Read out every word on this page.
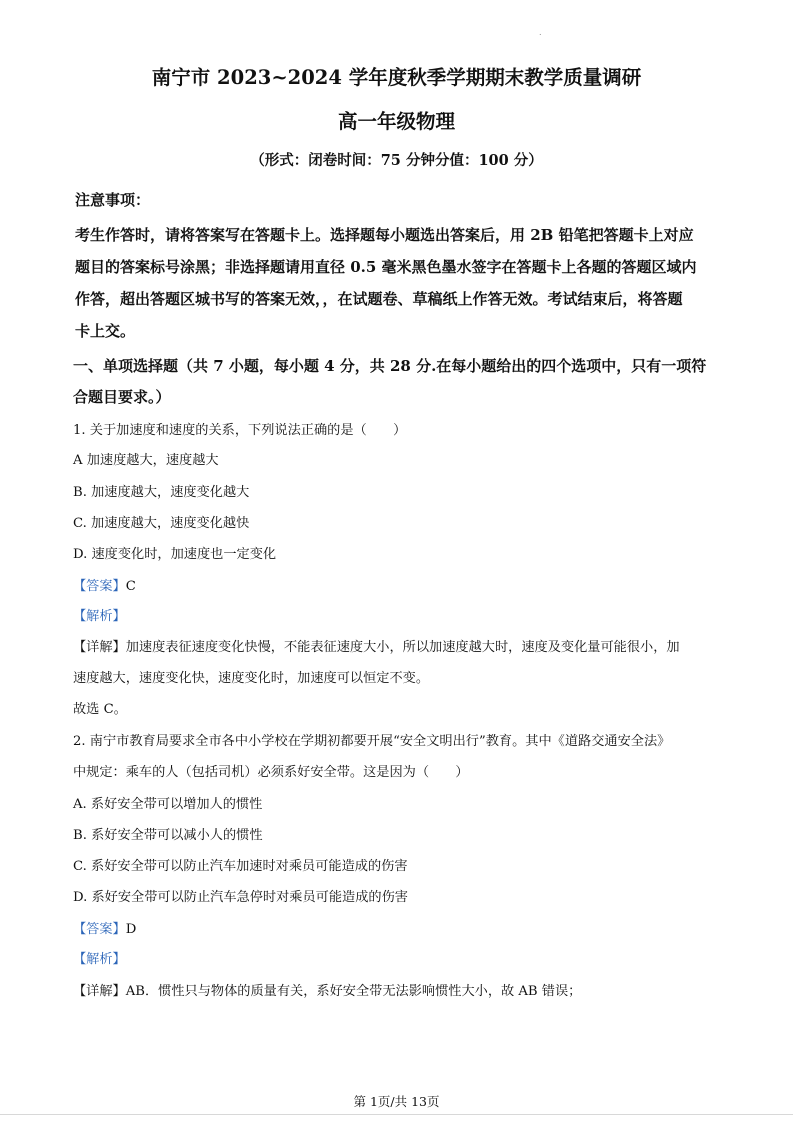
.
南宁市 2023~2024 学年度秋季学期期末教学质量调研
高一年级物理
（形式：闭卷时间：75 分钟分值：100 分）
注意事项：
考生作答时，请将答案写在答题卡上。选择题每小题选出答案后，用 2B 铅笔把答题卡上对应
题目的答案标号涂黑；非选择题请用直径 0.5 毫米黑色墨水签字在答题卡上各题的答题区域内
作答，超出答题区城书写的答案无效，，在试题卷、草稿纸上作答无效。考试结束后，将答题
卡上交。
一、单项选择题（共 7 小题，每小题 4 分，共 28 分.在每小题给出的四个选项中，只有一项符
合题目要求。）
1. 关于加速度和速度的关系，下列说法正确的是（　　）
A 加速度越大，速度越大
B. 加速度越大，速度变化越大
C. 加速度越大，速度变化越快
D. 速度变化时，加速度也一定变化
【答案】C
【解析】
【详解】加速度表征速度变化快慢，不能表征速度大小，所以加速度越大时，速度及变化量可能很小，加
速度越大，速度变化快，速度变化时，加速度可以恒定不变。
故选 C。
2. 南宁市教育局要求全市各中小学校在学期初都要开展“安全文明出行”教育。其中《道路交通安全法》
中规定：乘车的人（包括司机）必须系好安全带。这是因为（　　）
A. 系好安全带可以增加人的惯性
B. 系好安全带可以减小人的惯性
C. 系好安全带可以防止汽车加速时对乘员可能造成的伤害
D. 系好安全带可以防止汽车急停时对乘员可能造成的伤害
【答案】D
【解析】
【详解】AB．惯性只与物体的质量有关，系好安全带无法影响惯性大小，故 AB 错误；
第 1页/共 13页
